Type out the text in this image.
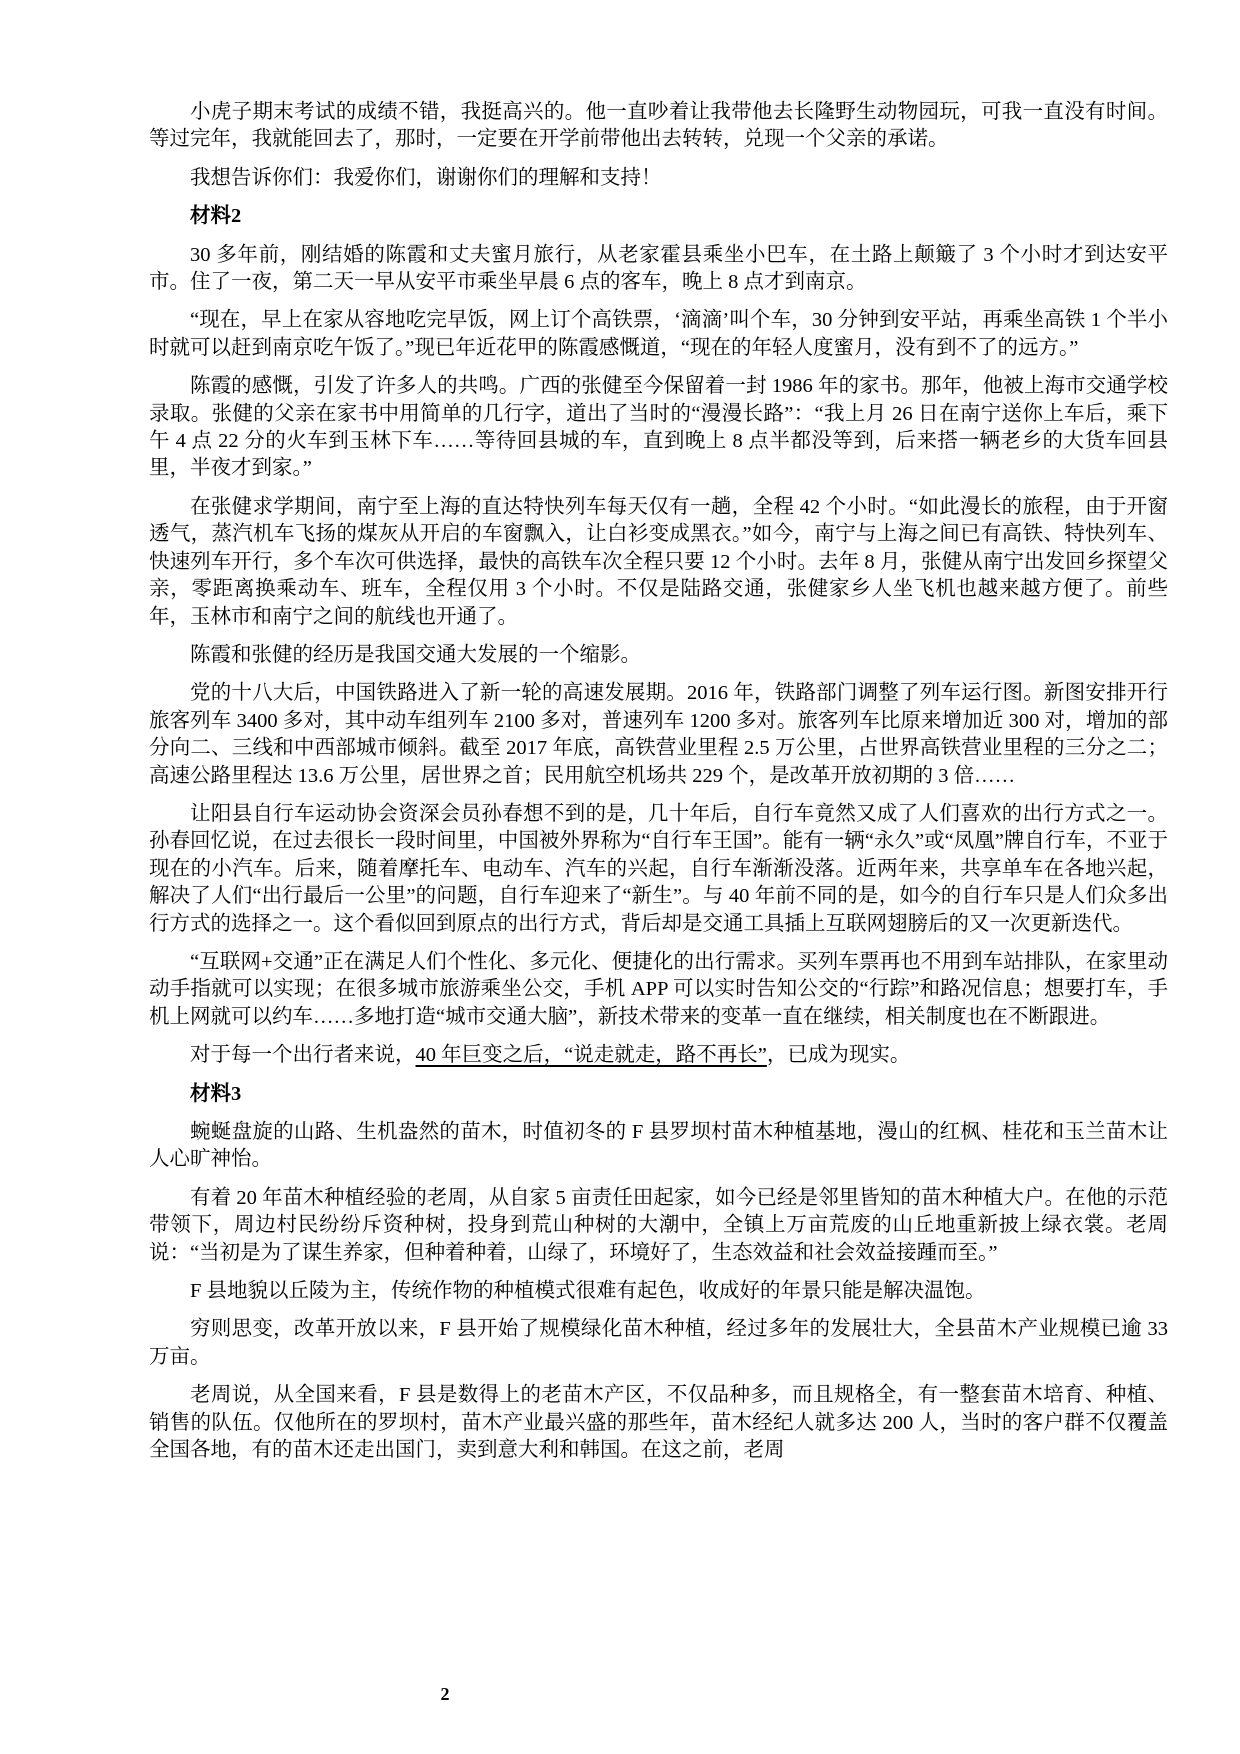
小虎子期末考试的成绩不错，我挺高兴的。他一直吵着让我带他去长隆野生动物园玩，可我一直没有时间。等过完年，我就能回去了，那时，一定要在开学前带他出去转转，兑现一个父亲的承诺。

我想告诉你们：我爱你们，谢谢你们的理解和支持！

材料2

30 多年前，刚结婚的陈霞和丈夫蜜月旅行，从老家霍县乘坐小巴车，在土路上颠簸了 3 个小时才到达安平市。住了一夜，第二天一早从安平市乘坐早晨 6 点的客车，晚上 8 点才到南京。

“现在，早上在家从容地吃完早饭，网上订个高铁票，‘滴滴’叫个车，30 分钟到安平站，再乘坐高铁 1 个半小时就可以赶到南京吃午饭了。”现已年近花甲的陈霞感慨道，“现在的年轻人度蜜月，没有到不了的远方。”

陈霞的感慨，引发了许多人的共鸣。广西的张健至今保留着一封 1986 年的家书。那年，他被上海市交通学校录取。张健的父亲在家书中用简单的几行字，道出了当时的“漫漫长路”：“我上月 26 日在南宁送你上车后，乘下午 4 点 22 分的火车到玉林下车……等待回县城的车，直到晚上 8 点半都没等到，后来搭一辆老乡的大货车回县里，半夜才到家。”

在张健求学期间，南宁至上海的直达特快列车每天仅有一趟，全程 42 个小时。“如此漫长的旅程，由于开窗透气，蒸汽机车飞扬的煤灰从开启的车窗飘入，让白衫变成黑衣。”如今，南宁与上海之间已有高铁、特快列车、快速列车开行，多个车次可供选择，最快的高铁车次全程只要 12 个小时。去年 8 月，张健从南宁出发回乡探望父亲，零距离换乘动车、班车，全程仅用 3 个小时。不仅是陆路交通，张健家乡人坐飞机也越来越方便了。前些年，玉林市和南宁之间的航线也开通了。

陈霞和张健的经历是我国交通大发展的一个缩影。

党的十八大后，中国铁路进入了新一轮的高速发展期。2016 年，铁路部门调整了列车运行图。新图安排开行旅客列车 3400 多对，其中动车组列车 2100 多对，普速列车 1200 多对。旅客列车比原来增加近 300 对，增加的部分向二、三线和中西部城市倾斜。截至 2017 年底，高铁营业里程 2.5 万公里，占世界高铁营业里程的三分之二；高速公路里程达 13.6 万公里，居世界之首；民用航空机场共 229 个，是改革开放初期的 3 倍……

让阳县自行车运动协会资深会员孙春想不到的是，几十年后，自行车竟然又成了人们喜欢的出行方式之一。孙春回忆说，在过去很长一段时间里，中国被外界称为“自行车王国”。能有一辆“永久”或“凤凰”牌自行车，不亚于现在的小汽车。后来，随着摩托车、电动车、汽车的兴起，自行车渐渐没落。近两年来，共享单车在各地兴起，解决了人们“出行最后一公里”的问题，自行车迎来了“新生”。与 40 年前不同的是，如今的自行车只是人们众多出行方式的选择之一。这个看似回到原点的出行方式，背后却是交通工具插上互联网翅膀后的又一次更新迭代。

“互联网+交通”正在满足人们个性化、多元化、便捷化的出行需求。买列车票再也不用到车站排队，在家里动动手指就可以实现；在很多城市旅游乘坐公交，手机 APP 可以实时告知公交的“行踪”和路况信息；想要打车，手机上网就可以约车……多地打造“城市交通大脑”，新技术带来的变革一直在继续，相关制度也在不断跟进。

对于每一个出行者来说，40 年巨变之后，“说走就走，路不再长”，已成为现实。

材料3

蜿蜒盘旋的山路、生机盎然的苗木，时值初冬的 F 县罗坝村苗木种植基地，漫山的红枫、桂花和玉兰苗木让人心旷神怡。

有着 20 年苗木种植经验的老周，从自家 5 亩责任田起家，如今已经是邻里皆知的苗木种植大户。在他的示范带领下，周边村民纷纷斥资种树，投身到荒山种树的大潮中，全镇上万亩荒废的山丘地重新披上绿衣裳。老周说：“当初是为了谋生养家，但种着种着，山绿了，环境好了，生态效益和社会效益接踵而至。”

F 县地貌以丘陵为主，传统作物的种植模式很难有起色，收成好的年景只能是解决温饱。

穷则思变，改革开放以来，F 县开始了规模绿化苗木种植，经过多年的发展壮大，全县苗木产业规模已逾 33 万亩。

老周说，从全国来看，F 县是数得上的老苗木产区，不仅品种多，而且规格全，有一整套苗木培育、种植、销售的队伍。仅他所在的罗坝村，苗木产业最兴盛的那些年，苗木经纪人就多达 200 人，当时的客户群不仅覆盖全国各地，有的苗木还走出国门，卖到意大利和韩国。在这之前，老周

2
